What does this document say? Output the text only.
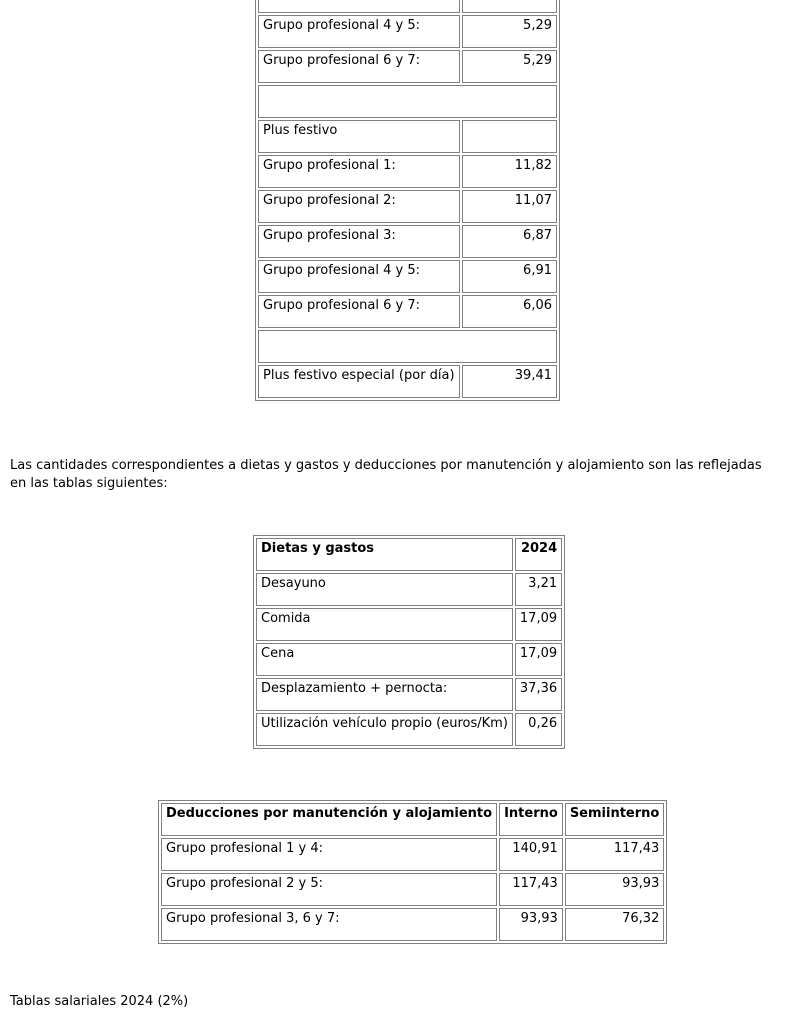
Grupo profesional 4 y 5:	5,29
Grupo profesional 6 y 7:	5,29

Plus festivo	
Grupo profesional 1:	11,82
Grupo profesional 2:	11,07
Grupo profesional 3:	6,87
Grupo profesional 4 y 5:	6,91
Grupo profesional 6 y 7:	6,06

Plus festivo especial (por día)	39,41

Las cantidades correspondientes a dietas y gastos y deducciones por manutención y alojamiento son las reflejadas en las tablas siguientes:

Dietas y gastos	2024
Desayuno	3,21
Comida	17,09
Cena	17,09
Desplazamiento + pernocta:	37,36
Utilización vehículo propio (euros/Km)	0,26
Deducciones por manutención y alojamiento	Interno	Semiinterno
Grupo profesional 1 y 4:	140,91	117,43
Grupo profesional 2 y 5:	117,43	93,93
Grupo profesional 3, 6 y 7:	93,93	76,32

Tablas salariales 2024 (2%)
